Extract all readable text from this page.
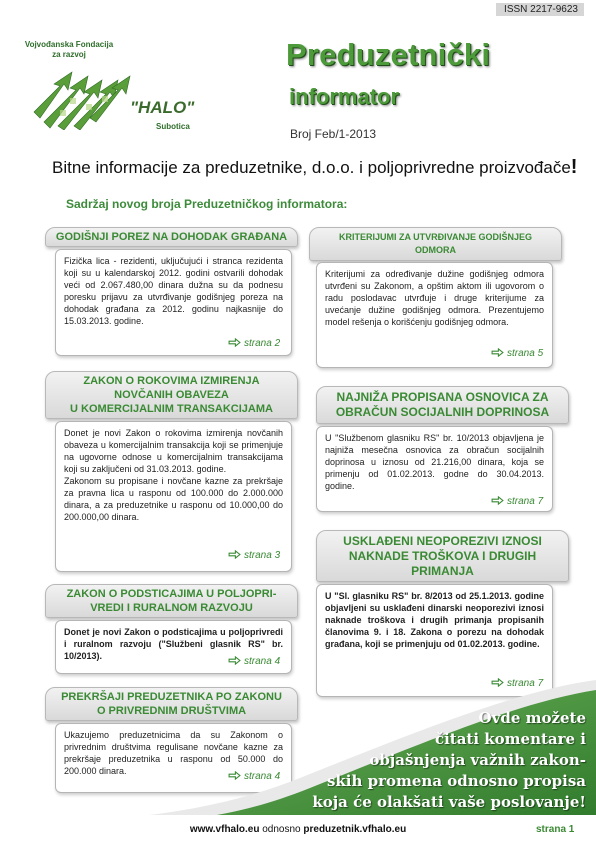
ISSN 2217-9623
Vojvođanska Fondacija
za razvoj
"HALO"
Subotica
Preduzetnički
informator
Broj Feb/1-2013
Bitne informacije za preduzetnike, d.o.o. i poljoprivredne proizvođače!
Sadržaj novog broja Preduzetničkog informatora:
GODIŠNJI POREZ NA DOHODAK GRAĐANA
Fizička lica - rezidenti, uključujući i stranca rezidenta koji su u kalendarskoj 2012. godini ostvarili dohodak veći od 2.067.480,00 dinara dužna su da podnesu poresku prijavu za utvrđivanje godišnjeg poreza na dohodak građana za 2012. godinu najkasnije do 15.03.2013. godine.
strana 2
ZAKON O ROKOVIMA IZMIRENJA
NOVČANIH OBAVEZA
U KOMERCIJALNIM TRANSAKCIJAMA
Donet je novi Zakon o rokovima izmirenja novčanih obaveza u komercijalnim transakcija koji se primenjuje na ugovorne odnose u komercijalnim transakcijama koji su zaključeni od 31.03.2013. godine.
Zakonom su propisane i novčane kazne za prekršaje za pravna lica u rasponu od 100.000 do 2.000.000 dinara, a za preduzetnike u rasponu od 10.000,00 do 200.000,00 dinara.
strana 3
ZAKON O PODSTICAJIMA U POLJOPRI-
VREDI I RURALNOM RAZVOJU
Donet je novi Zakon o podsticajima u poljoprivredi i ruralnom razvoju ("Službeni glasnik RS" br. 10/2013).	strana 4
PREKRŠAJI PREDUZETNIKA PO ZAKONU
O PRIVREDNIM DRUŠTVIMA
Ukazujemo preduzetnicima da su Zakonom o privrednim društvima regulisane novčane kazne za prekršaje preduzetnika u rasponu od 50.000 do 200.000 dinara.	strana 4
KRITERIJUMI ZA UTVRĐIVANJE GODIŠNJEG
ODMORA
Kriterijumi za određivanje dužine godišnjeg odmora utvrđeni su Zakonom, a opštim aktom ili ugovorom o radu poslodavac utvrđuje i druge kriterijume za uvećanje dužine godišnjeg odmora. Prezentujemo model rešenja o korišćenju godišnjeg odmora.
strana 5
NAJNIŽA PROPISANA OSNOVICA ZA
OBRAČUN SOCIJALNIH DOPRINOSA
U "Službenom glasniku RS" br. 10/2013 objavljena je najniža mesečna osnovica za obračun socijalnih doprinosa u iznosu od 21.216,00 dinara, koja se primenju od 01.02.2013. godne do 30.04.2013. godine.
strana 7
USKLAĐENI NEOPOREZIVI IZNOSI
NAKNADE TROŠKOVA I DRUGIH
PRIMANJA
U "Sl. glasniku RS" br. 8/2013 od 25.1.2013. godine objavljeni su usklađeni dinarski neoporezivi iznosi naknade troškova i drugih primanja propisanih članovima 9. i 18. Zakona o porezu na dohodak građana, koji se primenjuju od 01.02.2013. godine.
strana 7
Ovde možete
čitati komentare i
objašnjenja važnih zakon-
skih promena odnosno propisa
koja će olakšati vaše poslovanje!
www.vfhalo.eu odnosno preduzetnik.vfhalo.eu	strana 1
